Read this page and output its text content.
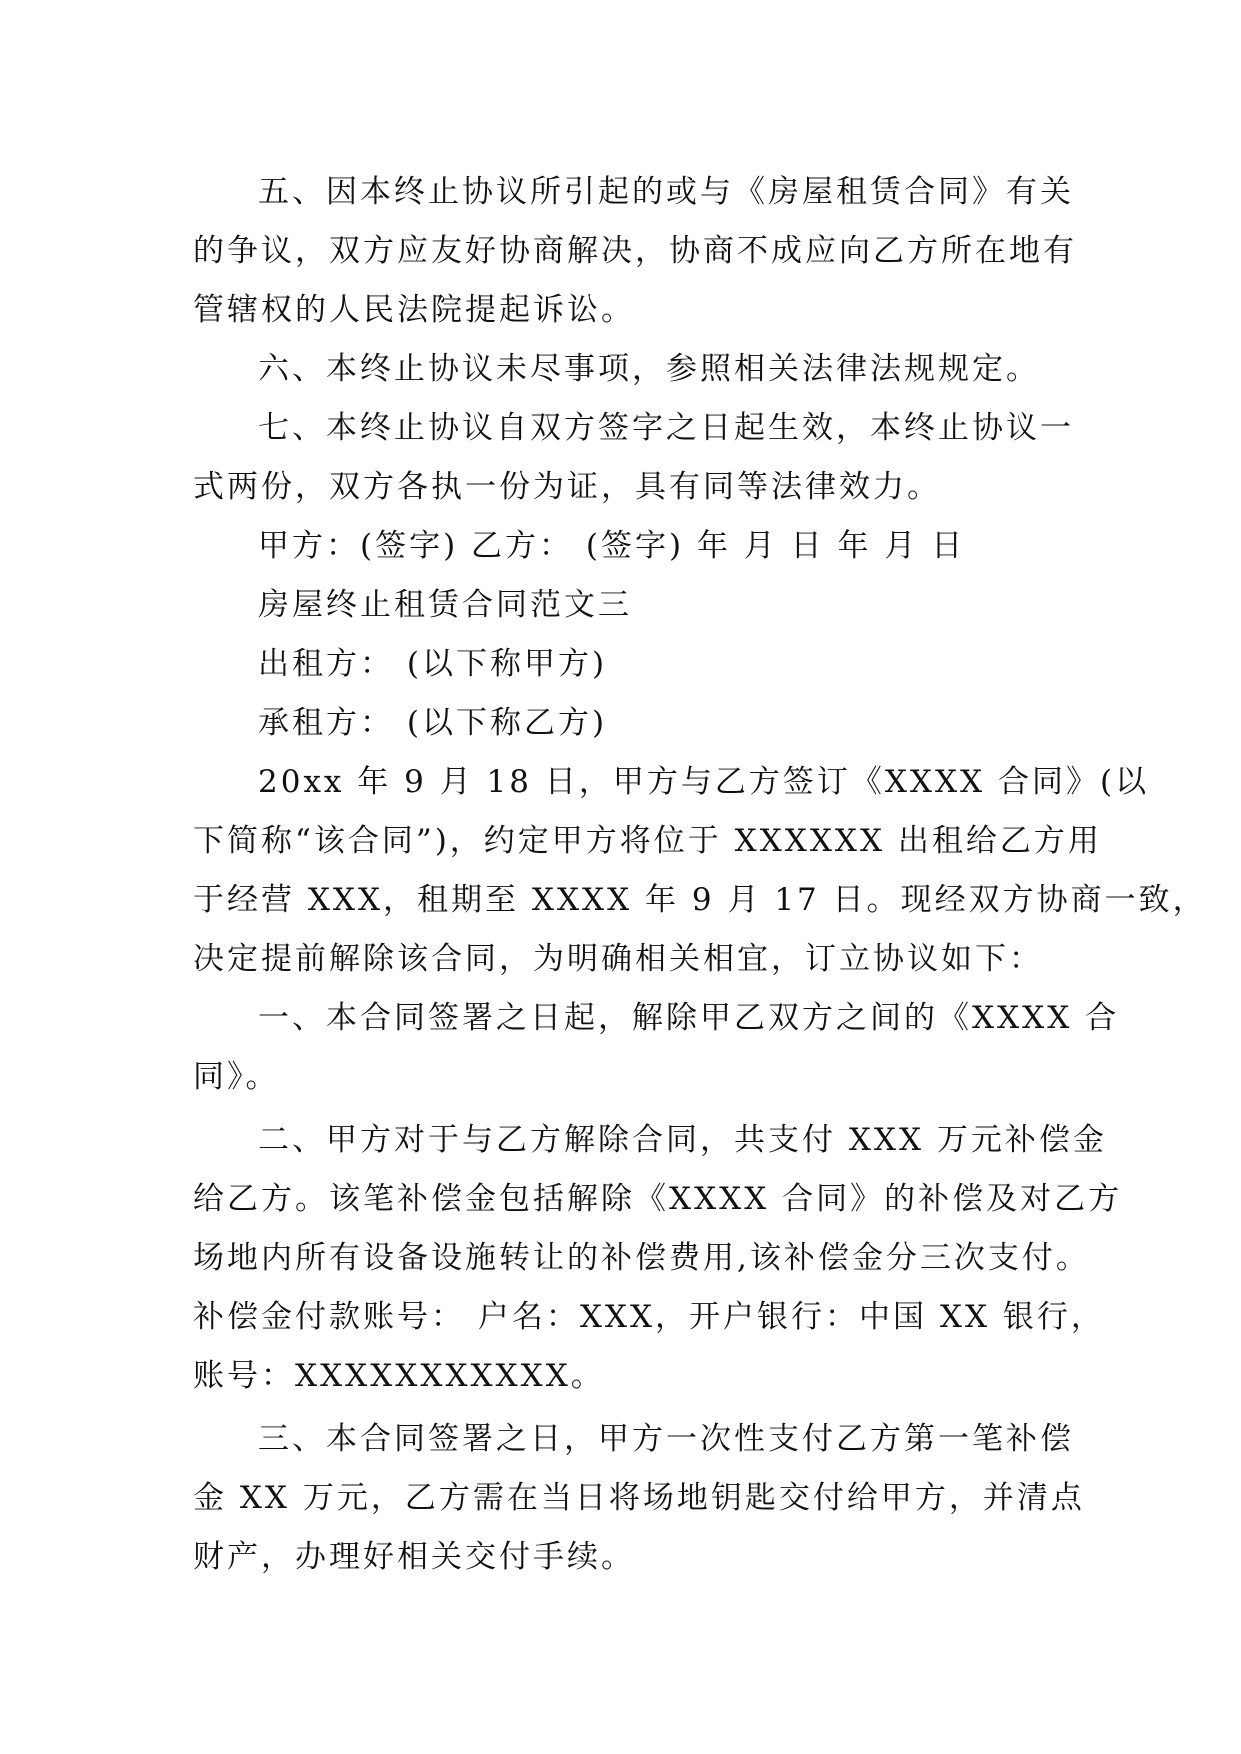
五、因本终止协议所引起的或与《房屋租赁合同》有关
的争议，双方应友好协商解决，协商不成应向乙方所在地有
管辖权的人民法院提起诉讼。
六、本终止协议未尽事项，参照相关法律法规规定。
七、本终止协议自双方签字之日起生效，本终止协议一
式两份，双方各执一份为证，具有同等法律效力。
甲方：(签字) 乙方： (签字) 年 月 日 年 月 日
房屋终止租赁合同范文三
出租方： (以下称甲方)
承租方： (以下称乙方)
20xx 年 9 月 18 日，甲方与乙方签订《XXXX 合同》(以
下简称“该合同”)，约定甲方将位于 XXXXXX 出租给乙方用
于经营 XXX，租期至 XXXX 年 9 月 17 日。现经双方协商一致，
决定提前解除该合同，为明确相关相宜，订立协议如下：
一、本合同签署之日起，解除甲乙双方之间的《XXXX 合
同》。
二、甲方对于与乙方解除合同，共支付 XXX 万元补偿金
给乙方。该笔补偿金包括解除《XXXX 合同》的补偿及对乙方
场地内所有设备设施转让的补偿费用,该补偿金分三次支付。
补偿金付款账号： 户名：XXX，开户银行：中国 XX 银行，
账号：XXXXXXXXXXX。
三、本合同签署之日，甲方一次性支付乙方第一笔补偿
金 XX 万元，乙方需在当日将场地钥匙交付给甲方，并清点
财产，办理好相关交付手续。
